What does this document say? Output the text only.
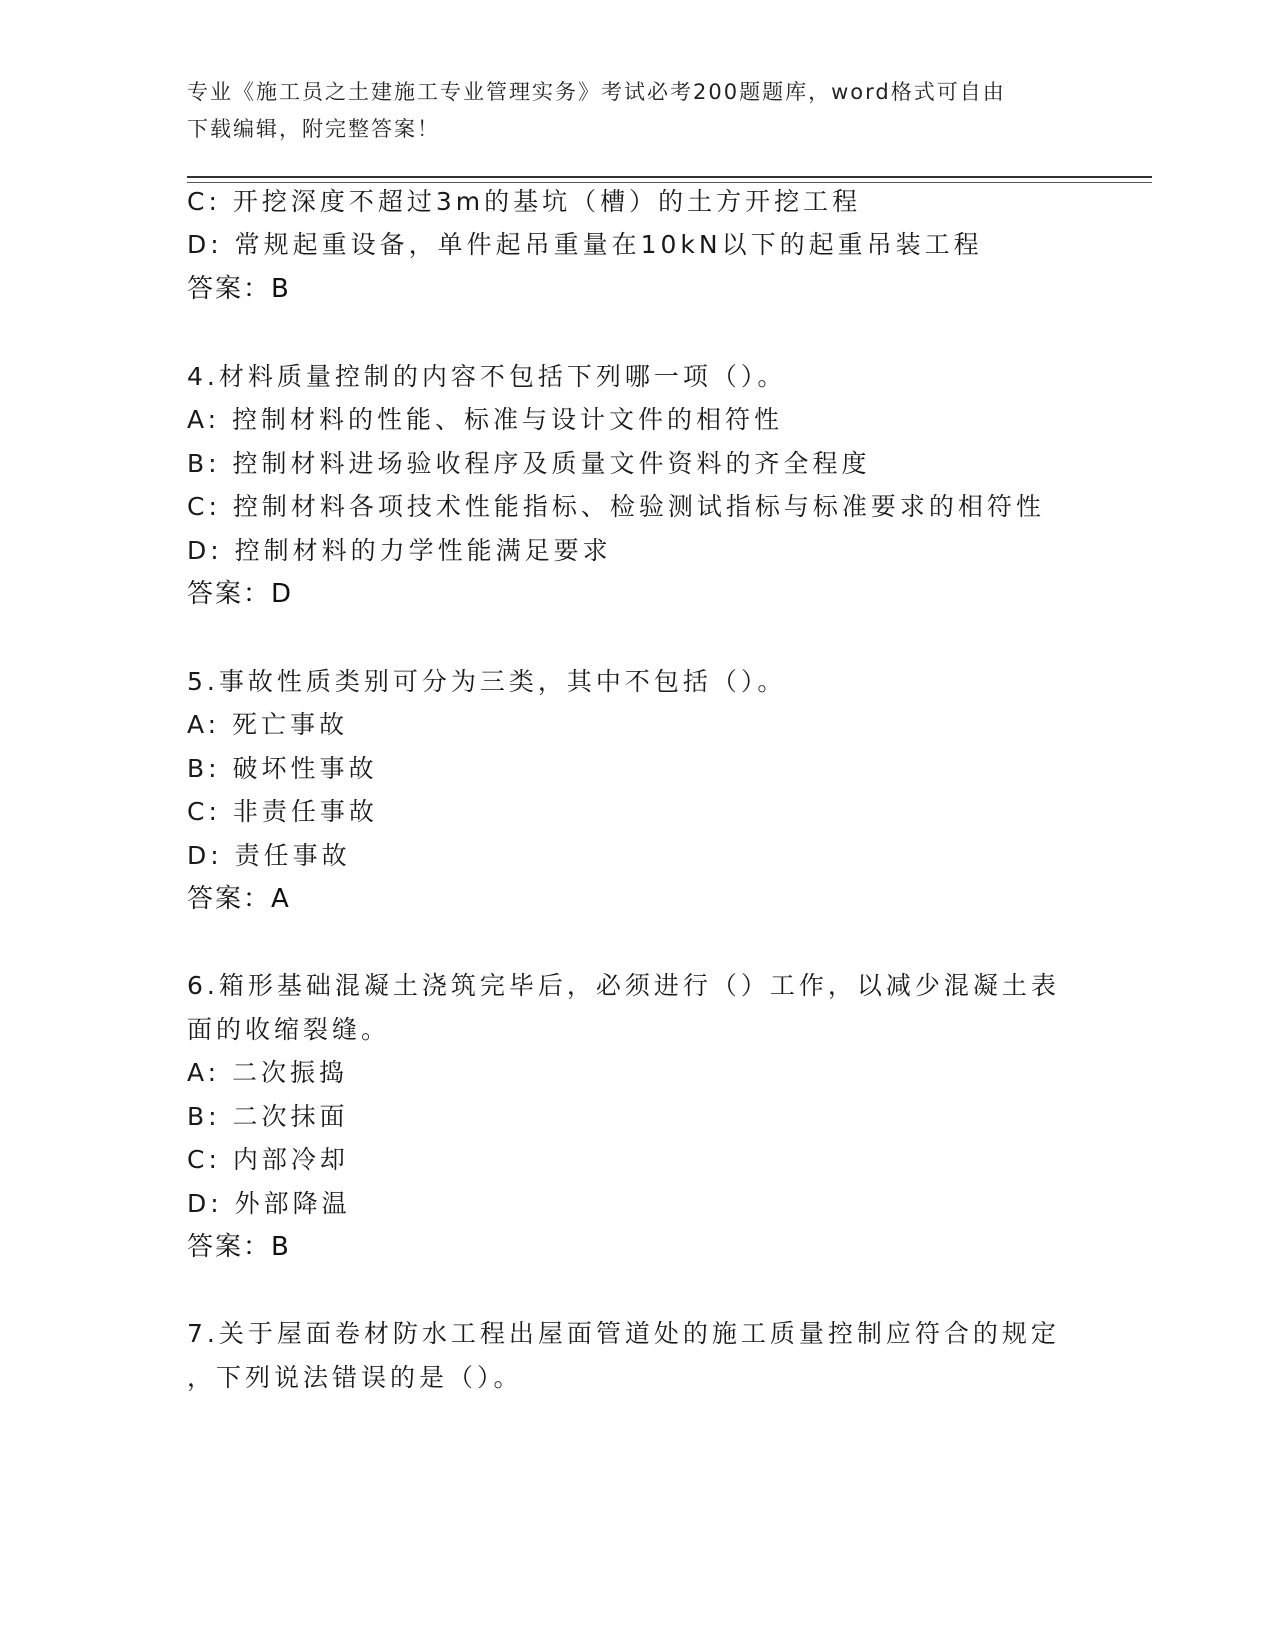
专业《施工员之土建施工专业管理实务》考试必考200题题库，word格式可自由
下载编辑，附完整答案！
C: 开挖深度不超过3m的基坑（槽）的土方开挖工程
D: 常规起重设备，单件起吊重量在10kN以下的起重吊装工程
答案：B
4.材料质量控制的内容不包括下列哪一项（）。
A: 控制材料的性能、标准与设计文件的相符性
B: 控制材料进场验收程序及质量文件资料的齐全程度
C: 控制材料各项技术性能指标、检验测试指标与标准要求的相符性
D: 控制材料的力学性能满足要求
答案：D
5.事故性质类别可分为三类，其中不包括（）。
A: 死亡事故
B: 破坏性事故
C: 非责任事故
D: 责任事故
答案：A
6.箱形基础混凝土浇筑完毕后，必须进行（）工作，以减少混凝土表
面的收缩裂缝。
A: 二次振捣
B: 二次抹面
C: 内部冷却
D: 外部降温
答案：B
7.关于屋面卷材防水工程出屋面管道处的施工质量控制应符合的规定
，下列说法错误的是（）。
